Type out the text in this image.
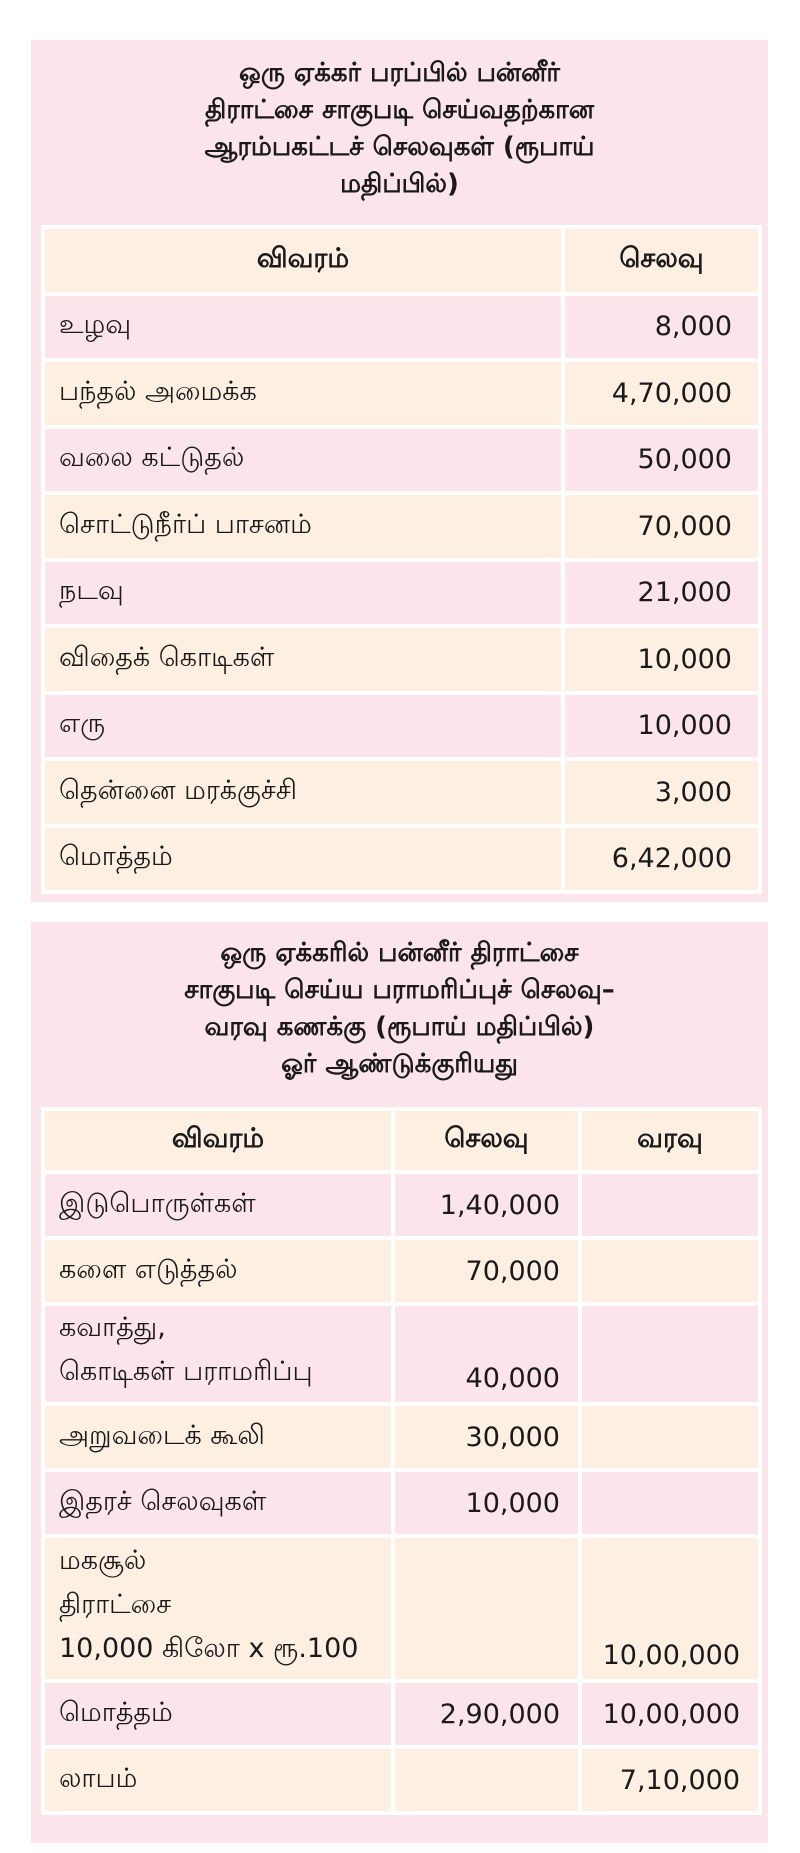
ஒரு ஏக்கர் பரப்பில் பன்னீர்
திராட்சை சாகுபடி செய்வதற்கான
ஆரம்பகட்டச் செலவுகள் (ரூபாய்
மதிப்பில்)
விவரம்	செலவு
உழவு	8,000
பந்தல் அமைக்க	4,70,000
வலை கட்டுதல்	50,000
சொட்டுநீர்ப் பாசனம்	70,000
நடவு	21,000
விதைக் கொடிகள்	10,000
எரு	10,000
தென்னை மரக்குச்சி	3,000
மொத்தம்	6,42,000
ஒரு ஏக்கரில் பன்னீர் திராட்சை
சாகுபடி செய்ய பராமரிப்புச் செலவு–
வரவு கணக்கு (ரூபாய் மதிப்பில்)
ஓர் ஆண்டுக்குரியது
விவரம்	செலவு	வரவு
இடுபொருள்கள்	1,40,000	
களை எடுத்தல்	70,000	

கவாத்து,
கொடிகள் பராமரிப்பு	40,000	
அறுவடைக் கூலி	30,000	
இதரச் செலவுகள்	10,000	

மகசூல்
திராட்சை
10,000 கிலோ x ரூ.100		10,00,000
மொத்தம்	2,90,000	10,00,000
லாபம்		7,10,000
